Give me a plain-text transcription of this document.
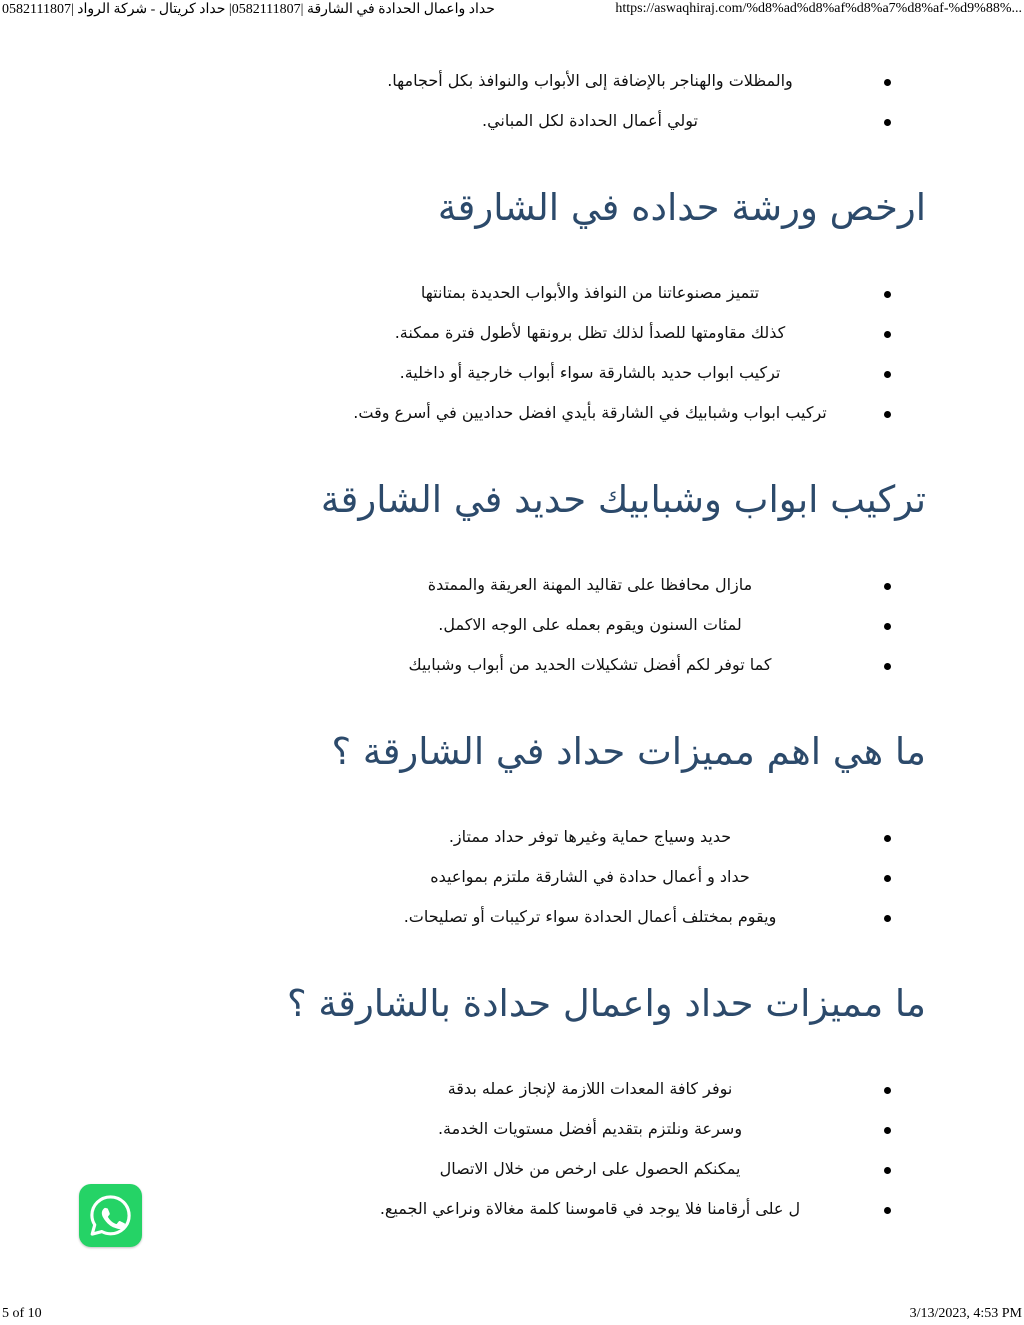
حداد واعمال الحدادة في الشارقة |0582111807| حداد كريتال - شركة الرواد |0582111807	https://aswaqhiraj.com/%d8%ad%d8%af%d8%a7%d8%af-%d9%88%...
والمظلات والهناجر بالإضافة إلى الأبواب والنوافذ بكل أحجامها.
تولي أعمال الحدادة لكل المباني.
ارخص ورشة حداده في الشارقة
تتميز مصنوعاتنا من النوافذ والأبواب الحديدة بمتانتها
كذلك مقاومتها للصدأ لذلك تظل برونقها لأطول فترة ممكنة.
تركيب ابواب حديد بالشارقة سواء أبواب خارجية أو داخلية.
تركيب ابواب وشبابيك في الشارقة بأيدي افضل حداديين في أسرع وقت.
تركيب ابواب وشبابيك حديد في الشارقة
مازال محافظا على تقاليد المهنة العريقة والممتدة
لمئات السنون ويقوم بعمله على الوجه الاكمل.
كما توفر لكم أفضل تشكيلات الحديد من أبواب وشبابيك
ما هي اهم مميزات حداد في الشارقة ؟
حديد وسياج حماية وغيرها توفر حداد ممتاز.
حداد و أعمال حدادة في الشارقة ملتزم بمواعيده
ويقوم بمختلف أعمال الحدادة سواء تركيبات أو تصليحات.
ما مميزات حداد واعمال حدادة بالشارقة ؟
نوفر كافة المعدات اللازمة لإنجاز عمله بدقة
وسرعة ونلتزم بتقديم أفضل مستويات الخدمة.
يمكنكم الحصول على ارخص من خلال الاتصال
ل على أرقامنا فلا يوجد في قاموسنا كلمة مغالاة ونراعي الجميع.
5 of 10	3/13/2023, 4:53 PM
